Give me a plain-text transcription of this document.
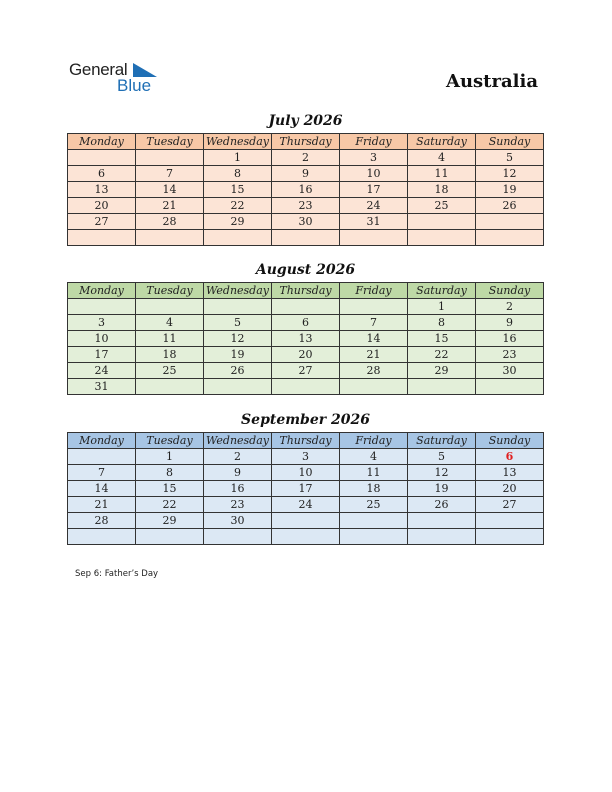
General
Blue	Australia
July 2026
Monday	Tuesday	Wednesday	Thursday	Friday	Saturday	Sunday
		1	2	3	4	5
6	7	8	9	10	11	12
13	14	15	16	17	18	19
20	21	22	23	24	25	26
27	28	29	30	31		

August 2026
Monday	Tuesday	Wednesday	Thursday	Friday	Saturday	Sunday
					1	2
3	4	5	6	7	8	9
10	11	12	13	14	15	16
17	18	19	20	21	22	23
24	25	26	27	28	29	30
31						
September 2026
Monday	Tuesday	Wednesday	Thursday	Friday	Saturday	Sunday
	1	2	3	4	5	6
7	8	9	10	11	12	13
14	15	16	17	18	19	20
21	22	23	24	25	26	27
28	29	30				

Sep 6: Father’s Day
